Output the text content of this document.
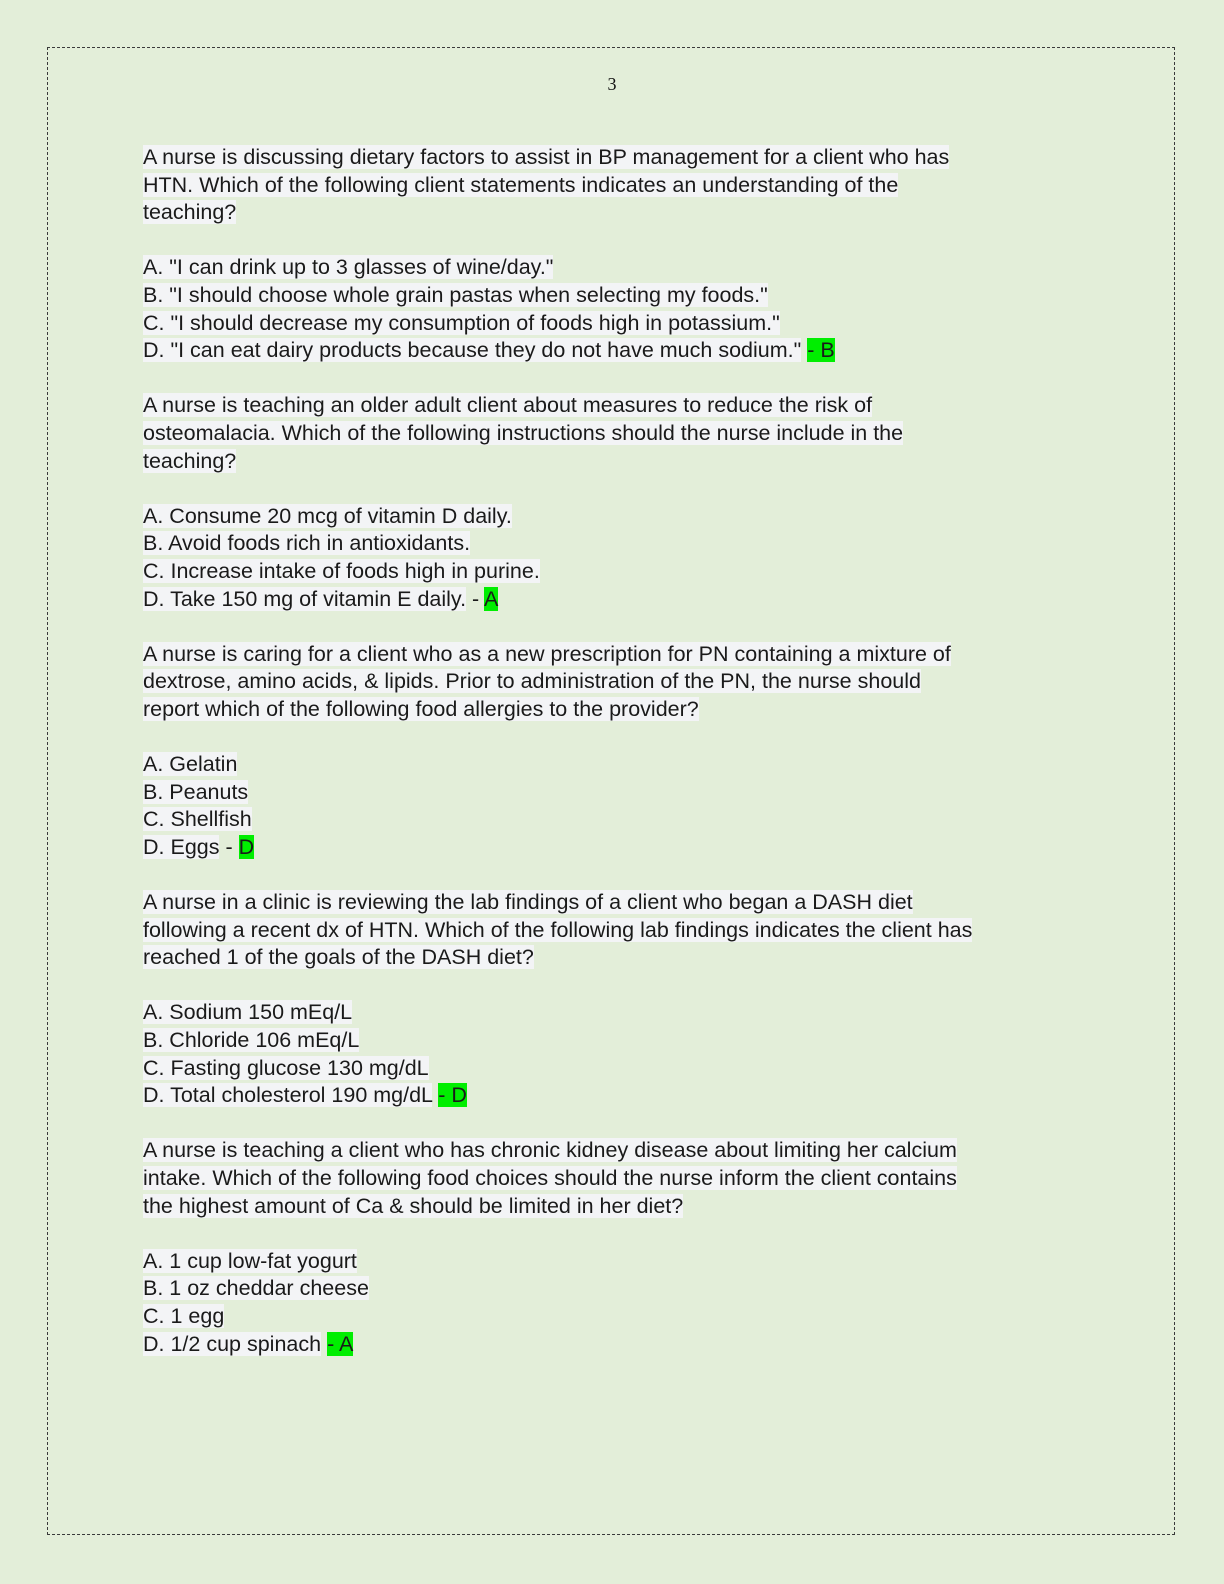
3
A nurse is discussing dietary factors to assist in BP management for a client who has
HTN. Which of the following client statements indicates an understanding of the
teaching?
A. "I can drink up to 3 glasses of wine/day."
B. "I should choose whole grain pastas when selecting my foods."
C. "I should decrease my consumption of foods high in potassium."
D. "I can eat dairy products because they do not have much sodium." - B
A nurse is teaching an older adult client about measures to reduce the risk of
osteomalacia. Which of the following instructions should the nurse include in the
teaching?
A. Consume 20 mcg of vitamin D daily.
B. Avoid foods rich in antioxidants.
C. Increase intake of foods high in purine.
D. Take 150 mg of vitamin E daily. - A
A nurse is caring for a client who as a new prescription for PN containing a mixture of
dextrose, amino acids, & lipids. Prior to administration of the PN, the nurse should
report which of the following food allergies to the provider?
A. Gelatin
B. Peanuts
C. Shellfish
D. Eggs - D
A nurse in a clinic is reviewing the lab findings of a client who began a DASH diet
following a recent dx of HTN. Which of the following lab findings indicates the client has
reached 1 of the goals of the DASH diet?
A. Sodium 150 mEq/L
B. Chloride 106 mEq/L
C. Fasting glucose 130 mg/dL
D. Total cholesterol 190 mg/dL - D
A nurse is teaching a client who has chronic kidney disease about limiting her calcium
intake. Which of the following food choices should the nurse inform the client contains
the highest amount of Ca & should be limited in her diet?
A. 1 cup low-fat yogurt
B. 1 oz cheddar cheese
C. 1 egg
D. 1/2 cup spinach - A
